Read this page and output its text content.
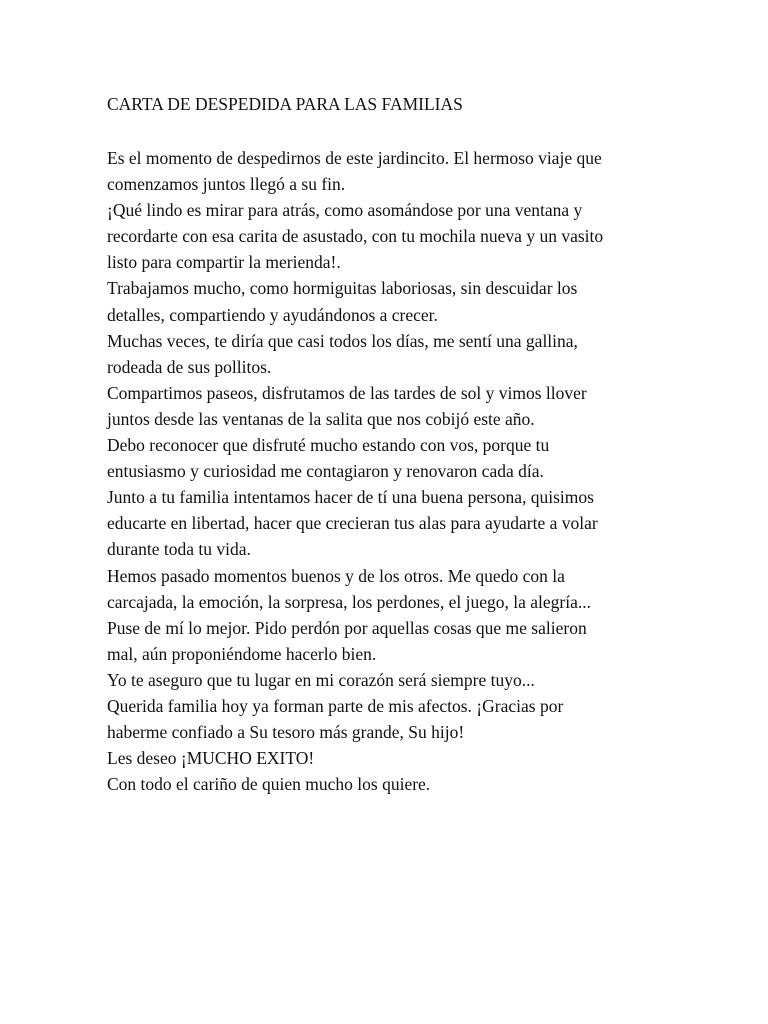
CARTA DE DESPEDIDA PARA LAS FAMILIAS

Es el momento de despedirnos de este jardincito. El hermoso viaje que

comenzamos juntos llegó a su fin.

¡Qué lindo es mirar para atrás, como asomándose por una ventana y

recordarte con esa carita de asustado, con tu mochila nueva y un vasito

listo para compartir la merienda!.

Trabajamos mucho, como hormiguitas laboriosas, sin descuidar los

detalles, compartiendo y ayudándonos a crecer.

Muchas veces, te diría que casi todos los días, me sentí una gallina,

rodeada de sus pollitos.

Compartimos paseos, disfrutamos de las tardes de sol y vimos llover

juntos desde las ventanas de la salita que nos cobijó este año.

Debo reconocer que disfruté mucho estando con vos, porque tu

entusiasmo y curiosidad me contagiaron y renovaron cada día.

Junto a tu familia intentamos hacer de tí una buena persona, quisimos

educarte en libertad, hacer que crecieran tus alas para ayudarte a volar

durante toda tu vida.

Hemos pasado momentos buenos y de los otros. Me quedo con la

carcajada, la emoción, la sorpresa, los perdones, el juego, la alegría...

Puse de mí lo mejor. Pido perdón por aquellas cosas que me salieron

mal, aún proponiéndome hacerlo bien.

Yo te aseguro que tu lugar en mi corazón será siempre tuyo...

Querida familia hoy ya forman parte de mis afectos. ¡Gracias por

haberme confiado a Su tesoro más grande, Su hijo!

Les deseo ¡MUCHO EXITO!

Con todo el cariño de quien mucho los quiere.
